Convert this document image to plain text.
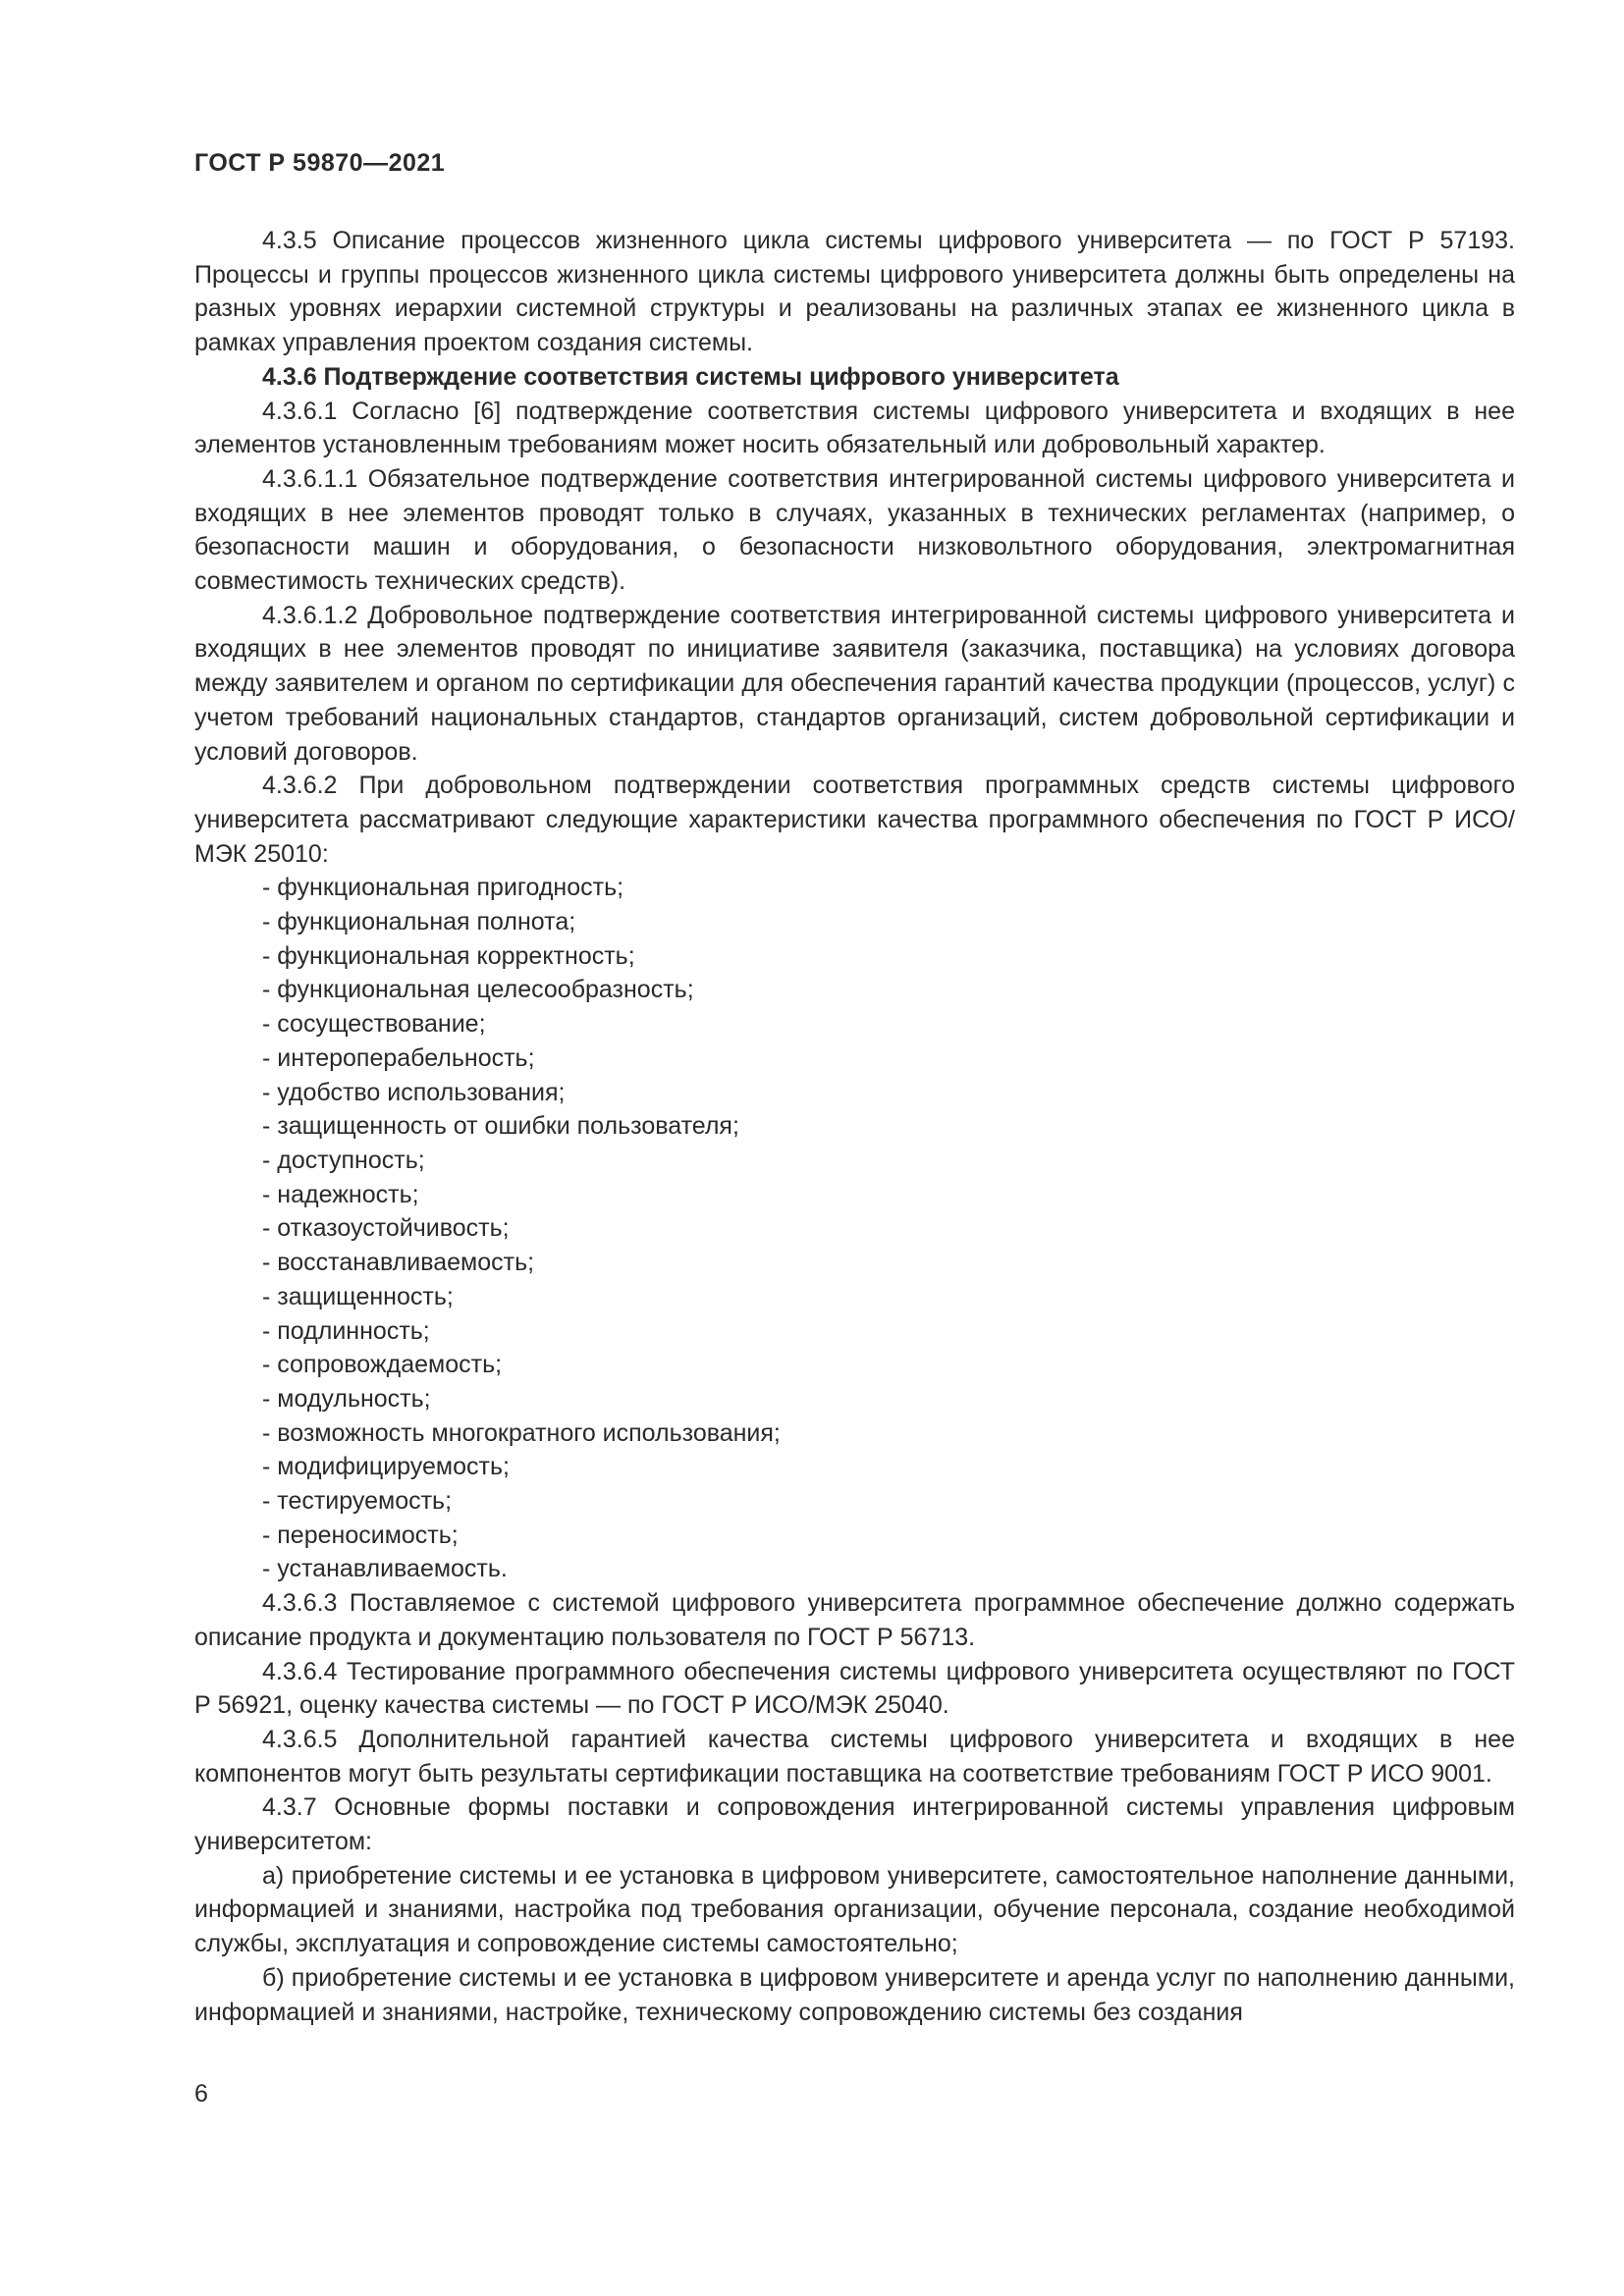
ГОСТ Р 59870—2021

4.3.5 Описание процессов жизненного цикла системы цифрового университета — по ГОСТ Р 57193. Процессы и группы процессов жизненного цикла системы цифрового университета должны быть определены на разных уровнях иерархии системной структуры и реализованы на различных этапах ее жизненного цикла в рамках управления проектом создания системы.

4.3.6 Подтверждение соответствия системы цифрового университета

4.3.6.1 Согласно [6] подтверждение соответствия системы цифрового университета и входящих в нее элементов установленным требованиям может носить обязательный или добровольный характер.

4.3.6.1.1 Обязательное подтверждение соответствия интегрированной системы цифрового университета и входящих в нее элементов проводят только в случаях, указанных в технических регламентах (например, о безопасности машин и оборудования, о безопасности низковольтного оборудования, электромагнитная совместимость технических средств).

4.3.6.1.2 Добровольное подтверждение соответствия интегрированной системы цифрового университета и входящих в нее элементов проводят по инициативе заявителя (заказчика, поставщика) на условиях договора между заявителем и органом по сертификации для обеспечения гарантий качества продукции (процессов, услуг) с учетом требований национальных стандартов, стандартов организаций, систем добровольной сертификации и условий договоров.

4.3.6.2 При добровольном подтверждении соответствия программных средств системы цифрового университета рассматривают следующие характеристики качества программного обеспечения по ГОСТ Р ИСО/МЭК 25010:

- функциональная пригодность;
- функциональная полнота;
- функциональная корректность;
- функциональная целесообразность;
- сосуществование;
- интероперабельность;
- удобство использования;
- защищенность от ошибки пользователя;
- доступность;
- надежность;
- отказоустойчивость;
- восстанавливаемость;
- защищенность;
- подлинность;
- сопровождаемость;
- модульность;
- возможность многократного использования;
- модифицируемость;
- тестируемость;
- переносимость;
- устанавливаемость.

4.3.6.3 Поставляемое с системой цифрового университета программное обеспечение должно содержать описание продукта и документацию пользователя по ГОСТ Р 56713.

4.3.6.4 Тестирование программного обеспечения системы цифрового университета осуществляют по ГОСТ Р 56921, оценку качества системы — по ГОСТ Р ИСО/МЭК 25040.

4.3.6.5 Дополнительной гарантией качества системы цифрового университета и входящих в нее компонентов могут быть результаты сертификации поставщика на соответствие требованиям ГОСТ Р ИСО 9001.

4.3.7 Основные формы поставки и сопровождения интегрированной системы управления цифровым университетом:

а) приобретение системы и ее установка в цифровом университете, самостоятельное наполнение данными, информацией и знаниями, настройка под требования организации, обучение персонала, создание необходимой службы, эксплуатация и сопровождение системы самостоятельно;

б) приобретение системы и ее установка в цифровом университете и аренда услуг по наполнению данными, информацией и знаниями, настройке, техническому сопровождению системы без создания

6
